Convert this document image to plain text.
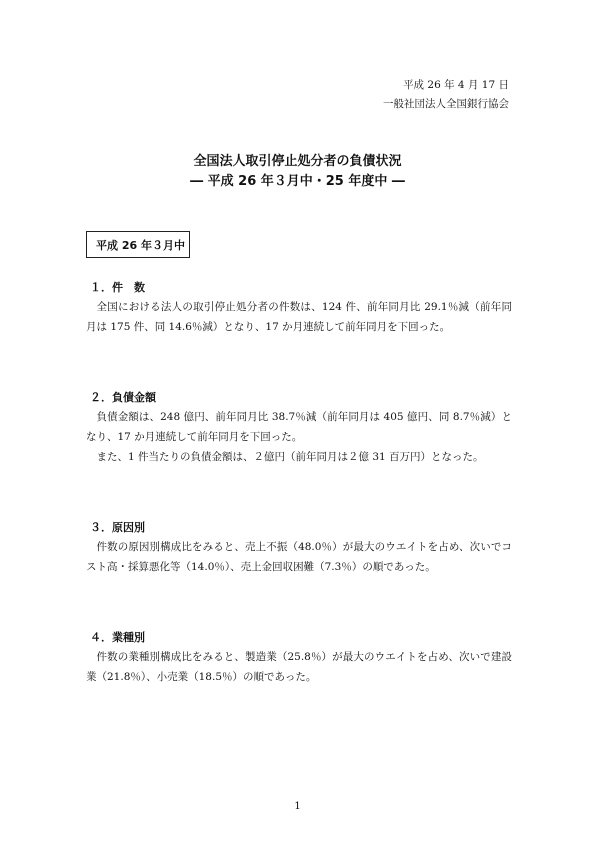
平成 26 年 4 月 17 日
一般社団法人全国銀行協会
全国法人取引停止処分者の負債状況
― 平成 26 年３月中・25 年度中 ―
平成 26 年３月中
１．件　数

全国における法人の取引停止処分者の件数は、124 件、前年同月比 29.1％減（前年同月は 175 件、同 14.6％減）となり、17 か月連続して前年同月を下回った。

２．負債金額

負債金額は、248 億円、前年同月比 38.7％減（前年同月は 405 億円、同 8.7％減）となり、17 か月連続して前年同月を下回った。

また、1 件当たりの負債金額は、２億円（前年同月は２億 31 百万円）となった。

３．原因別

件数の原因別構成比をみると、売上不振（48.0％）が最大のウエイトを占め、次いでコスト高・採算悪化等（14.0％）、売上金回収困難（7.3％）の順であった。

４．業種別

件数の業種別構成比をみると、製造業（25.8％）が最大のウエイトを占め、次いで建設業（21.8％）、小売業（18.5％）の順であった。

1
